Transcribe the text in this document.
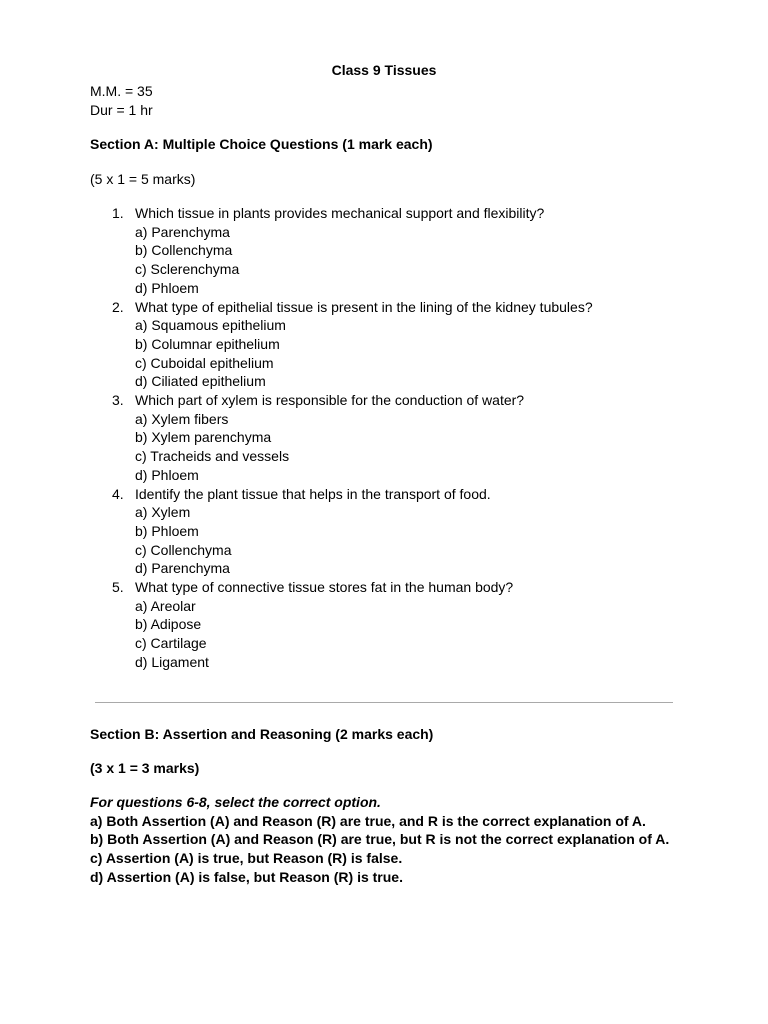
Class 9 Tissues
M.M. = 35
Dur = 1 hr
Section A: Multiple Choice Questions (1 mark each)
(5 x 1 = 5 marks)
1. Which tissue in plants provides mechanical support and flexibility?
a) Parenchyma
b) Collenchyma
c) Sclerenchyma
d) Phloem
2. What type of epithelial tissue is present in the lining of the kidney tubules?
a) Squamous epithelium
b) Columnar epithelium
c) Cuboidal epithelium
d) Ciliated epithelium
3. Which part of xylem is responsible for the conduction of water?
a) Xylem fibers
b) Xylem parenchyma
c) Tracheids and vessels
d) Phloem
4. Identify the plant tissue that helps in the transport of food.
a) Xylem
b) Phloem
c) Collenchyma
d) Parenchyma
5. What type of connective tissue stores fat in the human body?
a) Areolar
b) Adipose
c) Cartilage
d) Ligament
Section B: Assertion and Reasoning (2 marks each)
(3 x 1 = 3 marks)
For questions 6-8, select the correct option.
a) Both Assertion (A) and Reason (R) are true, and R is the correct explanation of A.
b) Both Assertion (A) and Reason (R) are true, but R is not the correct explanation of A.
c) Assertion (A) is true, but Reason (R) is false.
d) Assertion (A) is false, but Reason (R) is true.
